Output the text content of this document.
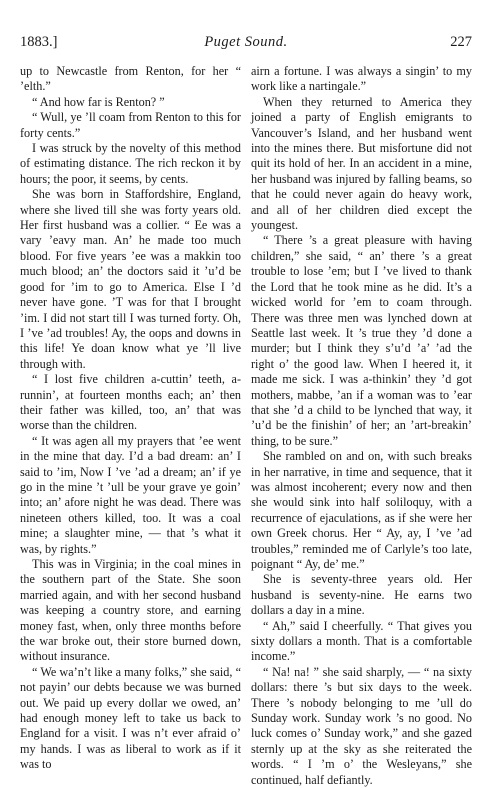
1883.]	Puget Sound.	227

up to Newcastle from Renton, for her “ ’elth.”

“ And how far is Renton? ”

“ Wull, ye ’ll coam from Renton to this for forty cents.”

I was struck by the novelty of this method of estimating distance. The rich reckon it by hours; the poor, it seems, by cents.

She was born in Staffordshire, England, where she lived till she was forty years old. Her first husband was a collier. “ Ee was a vary ’eavy man. An’ he made too much blood. For five years ’ee was a makkin too much blood; an’ the doctors said it ’u’d be good for ’im to go to America. Else I ’d never have gone. ’T was for that I brought ’im. I did not start till I was turned forty. Oh, I ’ve ’ad troubles! Ay, the oops and downs in this life! Ye doan know what ye ’ll live through with.

“ I lost five children a-cuttin’ teeth, a-runnin’, at fourteen months each; an’ then their father was killed, too, an’ that was worse than the children.

“ It was agen all my prayers that ’ee went in the mine that day. I’d a bad dream: an’ I said to ’im, Now I ’ve ’ad a dream; an’ if ye go in the mine ’t ’ull be your grave ye goin’ into; an’ afore night he was dead. There was nineteen others killed, too. It was a coal mine; a slaughter mine, — that ’s what it was, by rights.”

This was in Virginia; in the coal mines in the southern part of the State. She soon married again, and with her second husband was keeping a country store, and earning money fast, when, only three months before the war broke out, their store burned down, without insurance.

“ We wa’n’t like a many folks,” she said, “ not payin’ our debts because we was burned out. We paid up every dollar we owed, an’ had enough money left to take us back to England for a visit. I was n’t ever afraid o’ my hands. I was as liberal to work as if it was to

airn a fortune. I was always a singin’ to my work like a nartingale.”

When they returned to America they joined a party of English emigrants to Vancouver’s Island, and her husband went into the mines there. But misfortune did not quit its hold of her. In an accident in a mine, her husband was injured by falling beams, so that he could never again do heavy work, and all of her children died except the youngest.

“ There ’s a great pleasure with having children,” she said, “ an’ there ’s a great trouble to lose ’em; but I ’ve lived to thank the Lord that he took mine as he did. It’s a wicked world for ’em to coam through. There was three men was lynched down at Seattle last week. It ’s true they ’d done a murder; but I think they s’u’d ’a’ ’ad the right o’ the good law. When I heered it, it made me sick. I was a-thinkin’ they ’d got mothers, mabbe, ’an if a woman was to ’ear that she ’d a child to be lynched that way, it ’u’d be the finishin’ of her; an ’art-breakin’ thing, to be sure.”

She rambled on and on, with such breaks in her narrative, in time and sequence, that it was almost incoherent; every now and then she would sink into half soliloquy, with a recurrence of ejaculations, as if she were her own Greek chorus. Her “ Ay, ay, I ’ve ’ad troubles,” reminded me of Carlyle’s too late, poignant “ Ay, de’ me.”

She is seventy-three years old. Her husband is seventy-nine. He earns two dollars a day in a mine.

“ Ah,” said I cheerfully. “ That gives you sixty dollars a month. That is a comfortable income.”

“ Na! na! ” she said sharply, — “ na sixty dollars: there ’s but six days to the week. There ’s nobody belonging to me ’ull do Sunday work. Sunday work ’s no good. No luck comes o’ Sunday work,” and she gazed sternly up at the sky as she reiterated the words. “ I ’m o’ the Wesleyans,” she continued, half defiantly.
